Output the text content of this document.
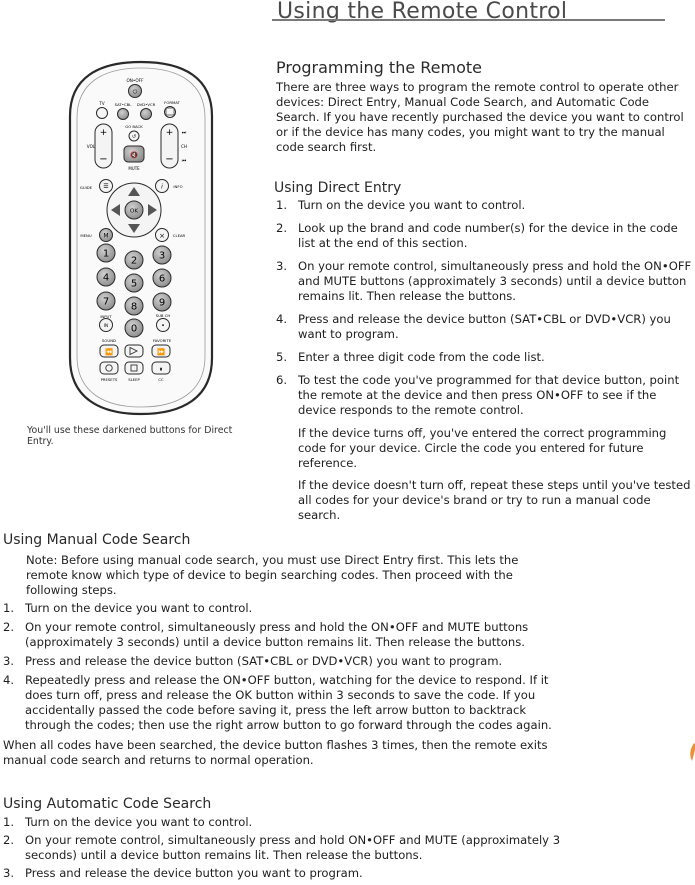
Using the Remote Control
ON•OFF
⏻
TV	SAT•CBL DVD•VCR FORMAT
+
−
VOL
+
−
CH
⏭
⏮
GO BACK
↺
🔇
MUTE
GUIDE ☰	i	INFO
OK
MENU M	× CLEAR
1
2 3
4
5 6
7 8 9
INPUT
IN 0
SUB CH
•
SOUND	FAVORITE
⏪	⏩
⏸
PRESETS	SLEEP	CC
You'll use these darkened buttons for Direct Entry.
Programming the Remote

There are three ways to program the remote control to operate other devices: Direct Entry, Manual Code Search, and Automatic Code Search. If you have recently purchased the device you want to control or if the device has many codes, you might want to try the manual code search first.

Using Direct Entry
1. Turn on the device you want to control.
2. Look up the brand and code number(s) for the device in the code list at the end of this section.
3. On your remote control, simultaneously press and hold the ON•OFF and MUTE buttons (approximately 3 seconds) until a device button remains lit. Then release the buttons.
4. Press and release the device button (SAT•CBL or DVD•VCR) you want to program.
5. Enter a three digit code from the code list.
6. To test the code you've programmed for that device button, point the remote at the device and then press ON•OFF to see if the device responds to the remote control.

If the device turns off, you've entered the correct programming code for your device. Circle the code you entered for future reference.

If the device doesn't turn off, repeat these steps until you've tested all codes for your device's brand or try to run a manual code search.

Using Manual Code Search

Note: Before using manual code search, you must use Direct Entry first. This lets the remote know which type of device to begin searching codes. Then proceed with the following steps.

1. Turn on the device you want to control.
2. On your remote control, simultaneously press and hold the ON•OFF and MUTE buttons (approximately 3 seconds) until a device button remains lit. Then release the buttons.
3. Press and release the device button (SAT•CBL or DVD•VCR) you want to program.
4. Repeatedly press and release the ON•OFF button, watching for the device to respond. If it does turn off, press and release the OK button within 3 seconds to save the code. If you accidentally passed the code before saving it, press the left arrow button to backtrack through the codes; then use the right arrow button to go forward through the codes again.

When all codes have been searched, the device button flashes 3 times, then the remote exits manual code search and returns to normal operation.

Using Automatic Code Search
1. Turn on the device you want to control.
2. On your remote control, simultaneously press and hold ON•OFF and MUTE (approximately 3 seconds) until a device button remains lit. Then release the buttons.
3. Press and release the device button you want to program.
